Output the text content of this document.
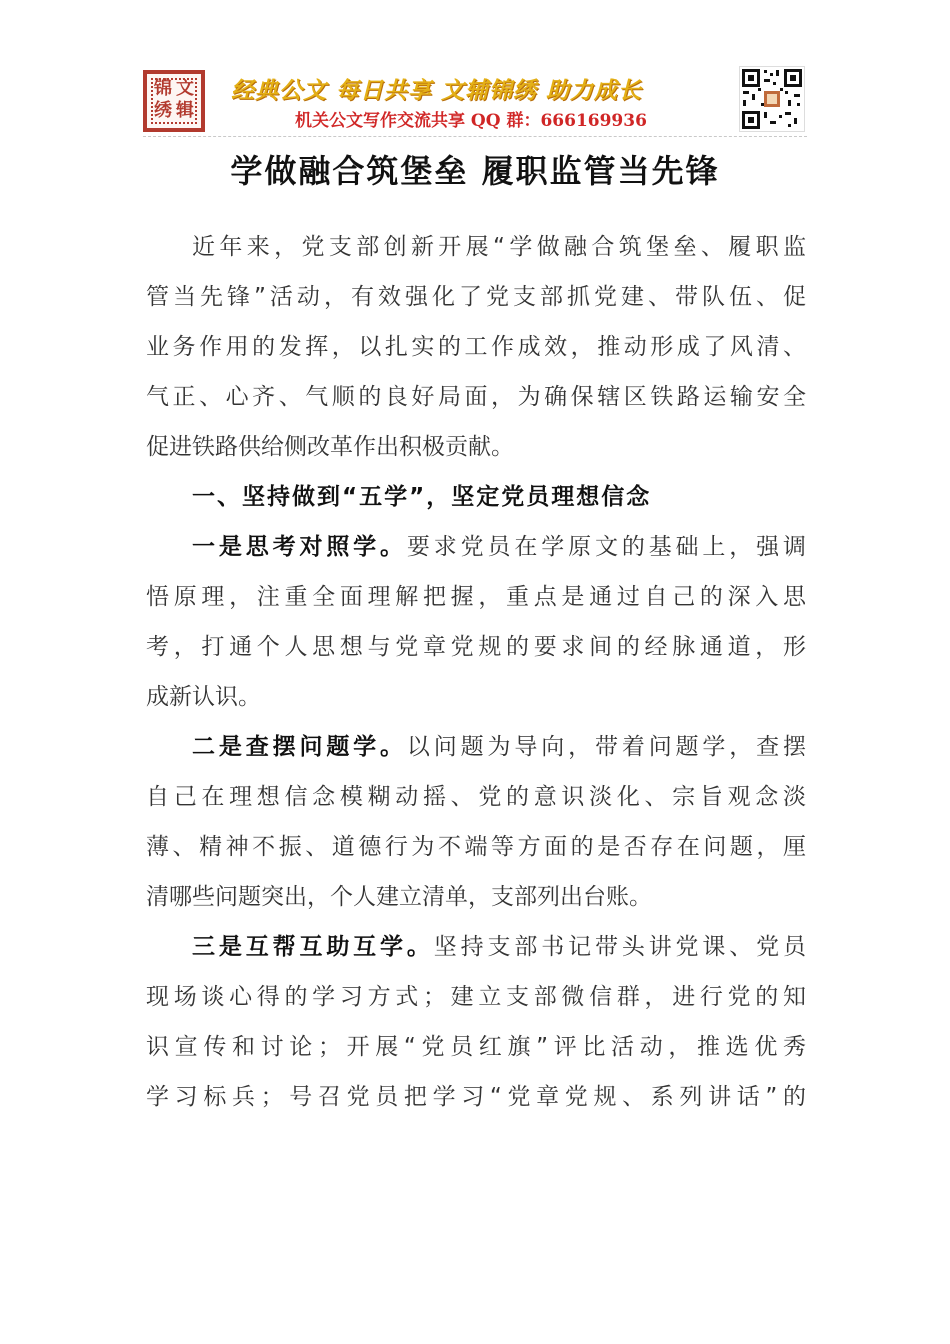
锦 文
绣 辑
经典公文 每日共享 文辅锦绣 助力成长
机关公文写作交流共享 QQ 群：666169936
学做融合筑堡垒 履职监管当先锋
近年来，党支部创新开展“学做融合筑堡垒、履职监
管当先锋”活动，有效强化了党支部抓党建、带队伍、促
业务作用的发挥，以扎实的工作成效，推动形成了风清、
气正、心齐、气顺的良好局面，为确保辖区铁路运输安全
促进铁路供给侧改革作出积极贡献。
一、坚持做到“五学”，坚定党员理想信念
一是思考对照学。要求党员在学原文的基础上，强调
悟原理，注重全面理解把握，重点是通过自己的深入思
考，打通个人思想与党章党规的要求间的经脉通道，形
成新认识。
二是查摆问题学。以问题为导向，带着问题学，查摆
自己在理想信念模糊动摇、党的意识淡化、宗旨观念淡
薄、精神不振、道德行为不端等方面的是否存在问题，厘
清哪些问题突出，个人建立清单，支部列出台账。
三是互帮互助互学。坚持支部书记带头讲党课、党员
现场谈心得的学习方式；建立支部微信群，进行党的知
识宣传和讨论；开展“党员红旗”评比活动，推选优秀
学习标兵；号召党员把学习“党章党规、系列讲话”的
